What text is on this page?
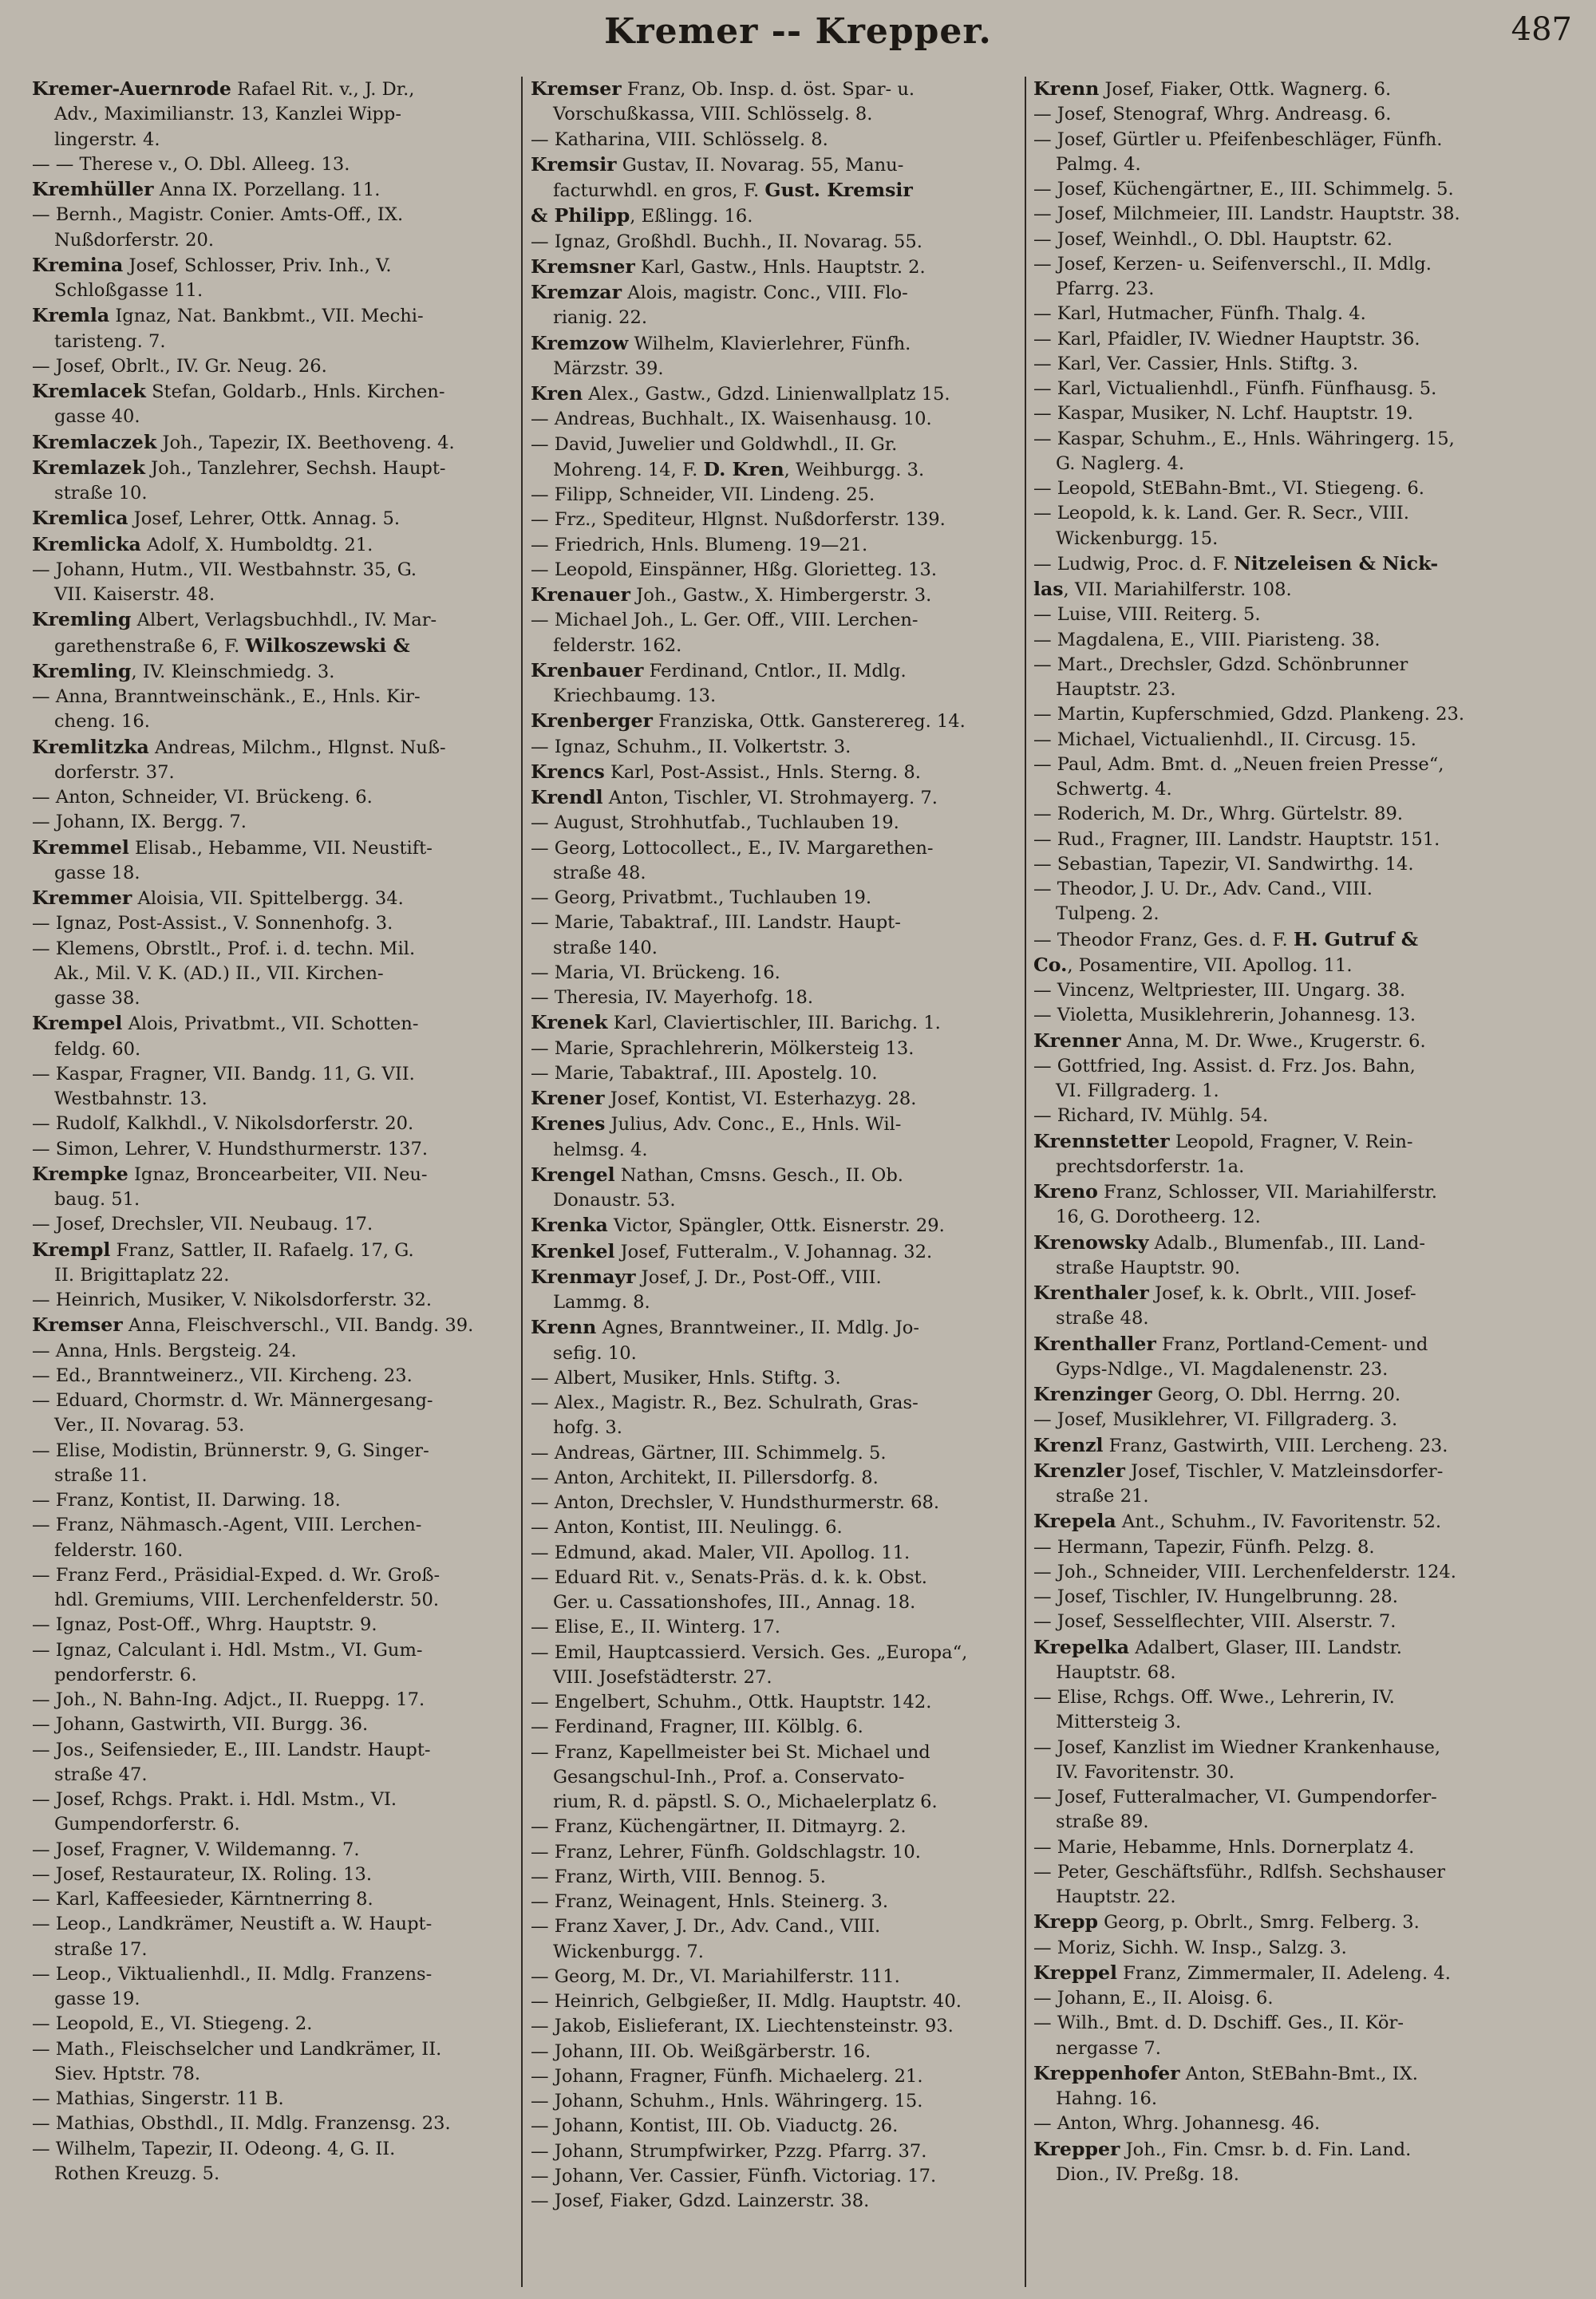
Kremer -- Krepper.	487
Kremer-Auernrode Rafael Rit. v., J. Dr.,
Adv., Maximilianstr. 13, Kanzlei Wipp-
lingerstr. 4.
— — Therese v., O. Dbl. Alleeg. 13.
Kremhüller Anna IX. Porzellang. 11.
— Bernh., Magistr. Conier. Amts-Off., IX.
Nußdorferstr. 20.
Kremina Josef, Schlosser, Priv. Inh., V.
Schloßgasse 11.
Kremla Ignaz, Nat. Bankbmt., VII. Mechi-
taristeng. 7.
— Josef, Obrlt., IV. Gr. Neug. 26.
Kremlacek Stefan, Goldarb., Hnls. Kirchen-
gasse 40.
Kremlaczek Joh., Tapezir, IX. Beethoveng. 4.
Kremlazek Joh., Tanzlehrer, Sechsh. Haupt-
straße 10.
Kremlica Josef, Lehrer, Ottk. Annag. 5.
Kremlicka Adolf, X. Humboldtg. 21.
— Johann, Hutm., VII. Westbahnstr. 35, G.
VII. Kaiserstr. 48.
Kremling Albert, Verlagsbuchhdl., IV. Mar-
garethenstraße 6, F. Wilkoszewski &
Kremling, IV. Kleinschmiedg. 3.
— Anna, Branntweinschänk., E., Hnls. Kir-
cheng. 16.
Kremlitzka Andreas, Milchm., Hlgnst. Nuß-
dorferstr. 37.
— Anton, Schneider, VI. Brückeng. 6.
— Johann, IX. Bergg. 7.
Kremmel Elisab., Hebamme, VII. Neustift-
gasse 18.
Kremmer Aloisia, VII. Spittelbergg. 34.
— Ignaz, Post-Assist., V. Sonnenhofg. 3.
— Klemens, Obrstlt., Prof. i. d. techn. Mil.
Ak., Mil. V. K. (AD.) II., VII. Kirchen-
gasse 38.
Krempel Alois, Privatbmt., VII. Schotten-
feldg. 60.
— Kaspar, Fragner, VII. Bandg. 11, G. VII.
Westbahnstr. 13.
— Rudolf, Kalkhdl., V. Nikolsdorferstr. 20.
— Simon, Lehrer, V. Hundsthurmerstr. 137.
Krempke Ignaz, Broncearbeiter, VII. Neu-
baug. 51.
— Josef, Drechsler, VII. Neubaug. 17.
Krempl Franz, Sattler, II. Rafaelg. 17, G.
II. Brigittaplatz 22.
— Heinrich, Musiker, V. Nikolsdorferstr. 32.
Kremser Anna, Fleischverschl., VII. Bandg. 39.
— Anna, Hnls. Bergsteig. 24.
— Ed., Branntweinerz., VII. Kircheng. 23.
— Eduard, Chormstr. d. Wr. Männergesang-
Ver., II. Novarag. 53.
— Elise, Modistin, Brünnerstr. 9, G. Singer-
straße 11.
— Franz, Kontist, II. Darwing. 18.
— Franz, Nähmasch.-Agent, VIII. Lerchen-
felderstr. 160.
— Franz Ferd., Präsidial-Exped. d. Wr. Groß-
hdl. Gremiums, VIII. Lerchenfelderstr. 50.
— Ignaz, Post-Off., Whrg. Hauptstr. 9.
— Ignaz, Calculant i. Hdl. Mstm., VI. Gum-
pendorferstr. 6.
— Joh., N. Bahn-Ing. Adjct., II. Rueppg. 17.
— Johann, Gastwirth, VII. Burgg. 36.
— Jos., Seifensieder, E., III. Landstr. Haupt-
straße 47.
— Josef, Rchgs. Prakt. i. Hdl. Mstm., VI.
Gumpendorferstr. 6.
— Josef, Fragner, V. Wildemanng. 7.
— Josef, Restaurateur, IX. Roling. 13.
— Karl, Kaffeesieder, Kärntnerring 8.
— Leop., Landkrämer, Neustift a. W. Haupt-
straße 17.
— Leop., Viktualienhdl., II. Mdlg. Franzens-
gasse 19.
— Leopold, E., VI. Stiegeng. 2.
— Math., Fleischselcher und Landkrämer, II.
Siev. Hptstr. 78.
— Mathias, Singerstr. 11 B.
— Mathias, Obsthdl., II. Mdlg. Franzensg. 23.
— Wilhelm, Tapezir, II. Odeong. 4, G. II.
Rothen Kreuzg. 5.
Kremser Franz, Ob. Insp. d. öst. Spar- u.
Vorschußkassa, VIII. Schlösselg. 8.
— Katharina, VIII. Schlösselg. 8.
Kremsir Gustav, II. Novarag. 55, Manu-
facturwhdl. en gros, F. Gust. Kremsir
& Philipp, Eßlingg. 16.
— Ignaz, Großhdl. Buchh., II. Novarag. 55.
Kremsner Karl, Gastw., Hnls. Hauptstr. 2.
Kremzar Alois, magistr. Conc., VIII. Flo-
rianig. 22.
Kremzow Wilhelm, Klavierlehrer, Fünfh.
Märzstr. 39.
Kren Alex., Gastw., Gdzd. Linienwallplatz 15.
— Andreas, Buchhalt., IX. Waisenhausg. 10.
— David, Juwelier und Goldwhdl., II. Gr.
Mohreng. 14, F. D. Kren, Weihburgg. 3.
— Filipp, Schneider, VII. Lindeng. 25.
— Frz., Spediteur, Hlgnst. Nußdorferstr. 139.
— Friedrich, Hnls. Blumeng. 19—21.
— Leopold, Einspänner, Hßg. Glorietteg. 13.
Krenauer Joh., Gastw., X. Himbergerstr. 3.
— Michael Joh., L. Ger. Off., VIII. Lerchen-
felderstr. 162.
Krenbauer Ferdinand, Cntlor., II. Mdlg.
Kriechbaumg. 13.
Krenberger Franziska, Ottk. Gansterereg. 14.
— Ignaz, Schuhm., II. Volkertstr. 3.
Krencs Karl, Post-Assist., Hnls. Sterng. 8.
Krendl Anton, Tischler, VI. Strohmayerg. 7.
— August, Strohhutfab., Tuchlauben 19.
— Georg, Lottocollect., E., IV. Margarethen-
straße 48.
— Georg, Privatbmt., Tuchlauben 19.
— Marie, Tabaktraf., III. Landstr. Haupt-
straße 140.
— Maria, VI. Brückeng. 16.
— Theresia, IV. Mayerhofg. 18.
Krenek Karl, Claviertischler, III. Barichg. 1.
— Marie, Sprachlehrerin, Mölkersteig 13.
— Marie, Tabaktraf., III. Apostelg. 10.
Krener Josef, Kontist, VI. Esterhazyg. 28.
Krenes Julius, Adv. Conc., E., Hnls. Wil-
helmsg. 4.
Krengel Nathan, Cmsns. Gesch., II. Ob.
Donaustr. 53.
Krenka Victor, Spängler, Ottk. Eisnerstr. 29.
Krenkel Josef, Futteralm., V. Johannag. 32.
Krenmayr Josef, J. Dr., Post-Off., VIII.
Lammg. 8.
Krenn Agnes, Branntweiner., II. Mdlg. Jo-
sefig. 10.
— Albert, Musiker, Hnls. Stiftg. 3.
— Alex., Magistr. R., Bez. Schulrath, Gras-
hofg. 3.
— Andreas, Gärtner, III. Schimmelg. 5.
— Anton, Architekt, II. Pillersdorfg. 8.
— Anton, Drechsler, V. Hundsthurmerstr. 68.
— Anton, Kontist, III. Neulingg. 6.
— Edmund, akad. Maler, VII. Apollog. 11.
— Eduard Rit. v., Senats-Präs. d. k. k. Obst.
Ger. u. Cassationshofes, III., Annag. 18.
— Elise, E., II. Winterg. 17.
— Emil, Hauptcassierd. Versich. Ges. „Europa“,
VIII. Josefstädterstr. 27.
— Engelbert, Schuhm., Ottk. Hauptstr. 142.
— Ferdinand, Fragner, III. Kölblg. 6.
— Franz, Kapellmeister bei St. Michael und
Gesangschul-Inh., Prof. a. Conservato-
rium, R. d. päpstl. S. O., Michaelerplatz 6.
— Franz, Küchengärtner, II. Ditmayrg. 2.
— Franz, Lehrer, Fünfh. Goldschlagstr. 10.
— Franz, Wirth, VIII. Bennog. 5.
— Franz, Weinagent, Hnls. Steinerg. 3.
— Franz Xaver, J. Dr., Adv. Cand., VIII.
Wickenburgg. 7.
— Georg, M. Dr., VI. Mariahilferstr. 111.
— Heinrich, Gelbgießer, II. Mdlg. Hauptstr. 40.
— Jakob, Eislieferant, IX. Liechtensteinstr. 93.
— Johann, III. Ob. Weißgärberstr. 16.
— Johann, Fragner, Fünfh. Michaelerg. 21.
— Johann, Schuhm., Hnls. Währingerg. 15.
— Johann, Kontist, III. Ob. Viaductg. 26.
— Johann, Strumpfwirker, Pzzg. Pfarrg. 37.
— Johann, Ver. Cassier, Fünfh. Victoriag. 17.
— Josef, Fiaker, Gdzd. Lainzerstr. 38.
Krenn Josef, Fiaker, Ottk. Wagnerg. 6.
— Josef, Stenograf, Whrg. Andreasg. 6.
— Josef, Gürtler u. Pfeifenbeschläger, Fünfh.
Palmg. 4.
— Josef, Küchengärtner, E., III. Schimmelg. 5.
— Josef, Milchmeier, III. Landstr. Hauptstr. 38.
— Josef, Weinhdl., O. Dbl. Hauptstr. 62.
— Josef, Kerzen- u. Seifenverschl., II. Mdlg.
Pfarrg. 23.
— Karl, Hutmacher, Fünfh. Thalg. 4.
— Karl, Pfaidler, IV. Wiedner Hauptstr. 36.
— Karl, Ver. Cassier, Hnls. Stiftg. 3.
— Karl, Victualienhdl., Fünfh. Fünfhausg. 5.
— Kaspar, Musiker, N. Lchf. Hauptstr. 19.
— Kaspar, Schuhm., E., Hnls. Währingerg. 15,
G. Naglerg. 4.
— Leopold, StEBahn-Bmt., VI. Stiegeng. 6.
— Leopold, k. k. Land. Ger. R. Secr., VIII.
Wickenburgg. 15.
— Ludwig, Proc. d. F. Nitzeleisen & Nick-
las, VII. Mariahilferstr. 108.
— Luise, VIII. Reiterg. 5.
— Magdalena, E., VIII. Piaristeng. 38.
— Mart., Drechsler, Gdzd. Schönbrunner
Hauptstr. 23.
— Martin, Kupferschmied, Gdzd. Plankeng. 23.
— Michael, Victualienhdl., II. Circusg. 15.
— Paul, Adm. Bmt. d. „Neuen freien Presse“,
Schwertg. 4.
— Roderich, M. Dr., Whrg. Gürtelstr. 89.
— Rud., Fragner, III. Landstr. Hauptstr. 151.
— Sebastian, Tapezir, VI. Sandwirthg. 14.
— Theodor, J. U. Dr., Adv. Cand., VIII.
Tulpeng. 2.
— Theodor Franz, Ges. d. F. H. Gutruf &
Co., Posamentire, VII. Apollog. 11.
— Vincenz, Weltpriester, III. Ungarg. 38.
— Violetta, Musiklehrerin, Johannesg. 13.
Krenner Anna, M. Dr. Wwe., Krugerstr. 6.
— Gottfried, Ing. Assist. d. Frz. Jos. Bahn,
VI. Fillgraderg. 1.
— Richard, IV. Mühlg. 54.
Krennstetter Leopold, Fragner, V. Rein-
prechtsdorferstr. 1a.
Kreno Franz, Schlosser, VII. Mariahilferstr.
16, G. Dorotheerg. 12.
Krenowsky Adalb., Blumenfab., III. Land-
straße Hauptstr. 90.
Krenthaler Josef, k. k. Obrlt., VIII. Josef-
straße 48.
Krenthaller Franz, Portland-Cement- und
Gyps-Ndlge., VI. Magdalenenstr. 23.
Krenzinger Georg, O. Dbl. Herrng. 20.
— Josef, Musiklehrer, VI. Fillgraderg. 3.
Krenzl Franz, Gastwirth, VIII. Lercheng. 23.
Krenzler Josef, Tischler, V. Matzleinsdorfer-
straße 21.
Krepela Ant., Schuhm., IV. Favoritenstr. 52.
— Hermann, Tapezir, Fünfh. Pelzg. 8.
— Joh., Schneider, VIII. Lerchenfelderstr. 124.
— Josef, Tischler, IV. Hungelbrunng. 28.
— Josef, Sesselflechter, VIII. Alserstr. 7.
Krepelka Adalbert, Glaser, III. Landstr.
Hauptstr. 68.
— Elise, Rchgs. Off. Wwe., Lehrerin, IV.
Mittersteig 3.
— Josef, Kanzlist im Wiedner Krankenhause,
IV. Favoritenstr. 30.
— Josef, Futteralmacher, VI. Gumpendorfer-
straße 89.
— Marie, Hebamme, Hnls. Dornerplatz 4.
— Peter, Geschäftsführ., Rdlfsh. Sechshauser
Hauptstr. 22.
Krepp Georg, p. Obrlt., Smrg. Felberg. 3.
— Moriz, Sichh. W. Insp., Salzg. 3.
Kreppel Franz, Zimmermaler, II. Adeleng. 4.
— Johann, E., II. Aloisg. 6.
— Wilh., Bmt. d. D. Dschiff. Ges., II. Kör-
nergasse 7.
Kreppenhofer Anton, StEBahn-Bmt., IX.
Hahng. 16.
— Anton, Whrg. Johannesg. 46.
Krepper Joh., Fin. Cmsr. b. d. Fin. Land.
Dion., IV. Preßg. 18.
